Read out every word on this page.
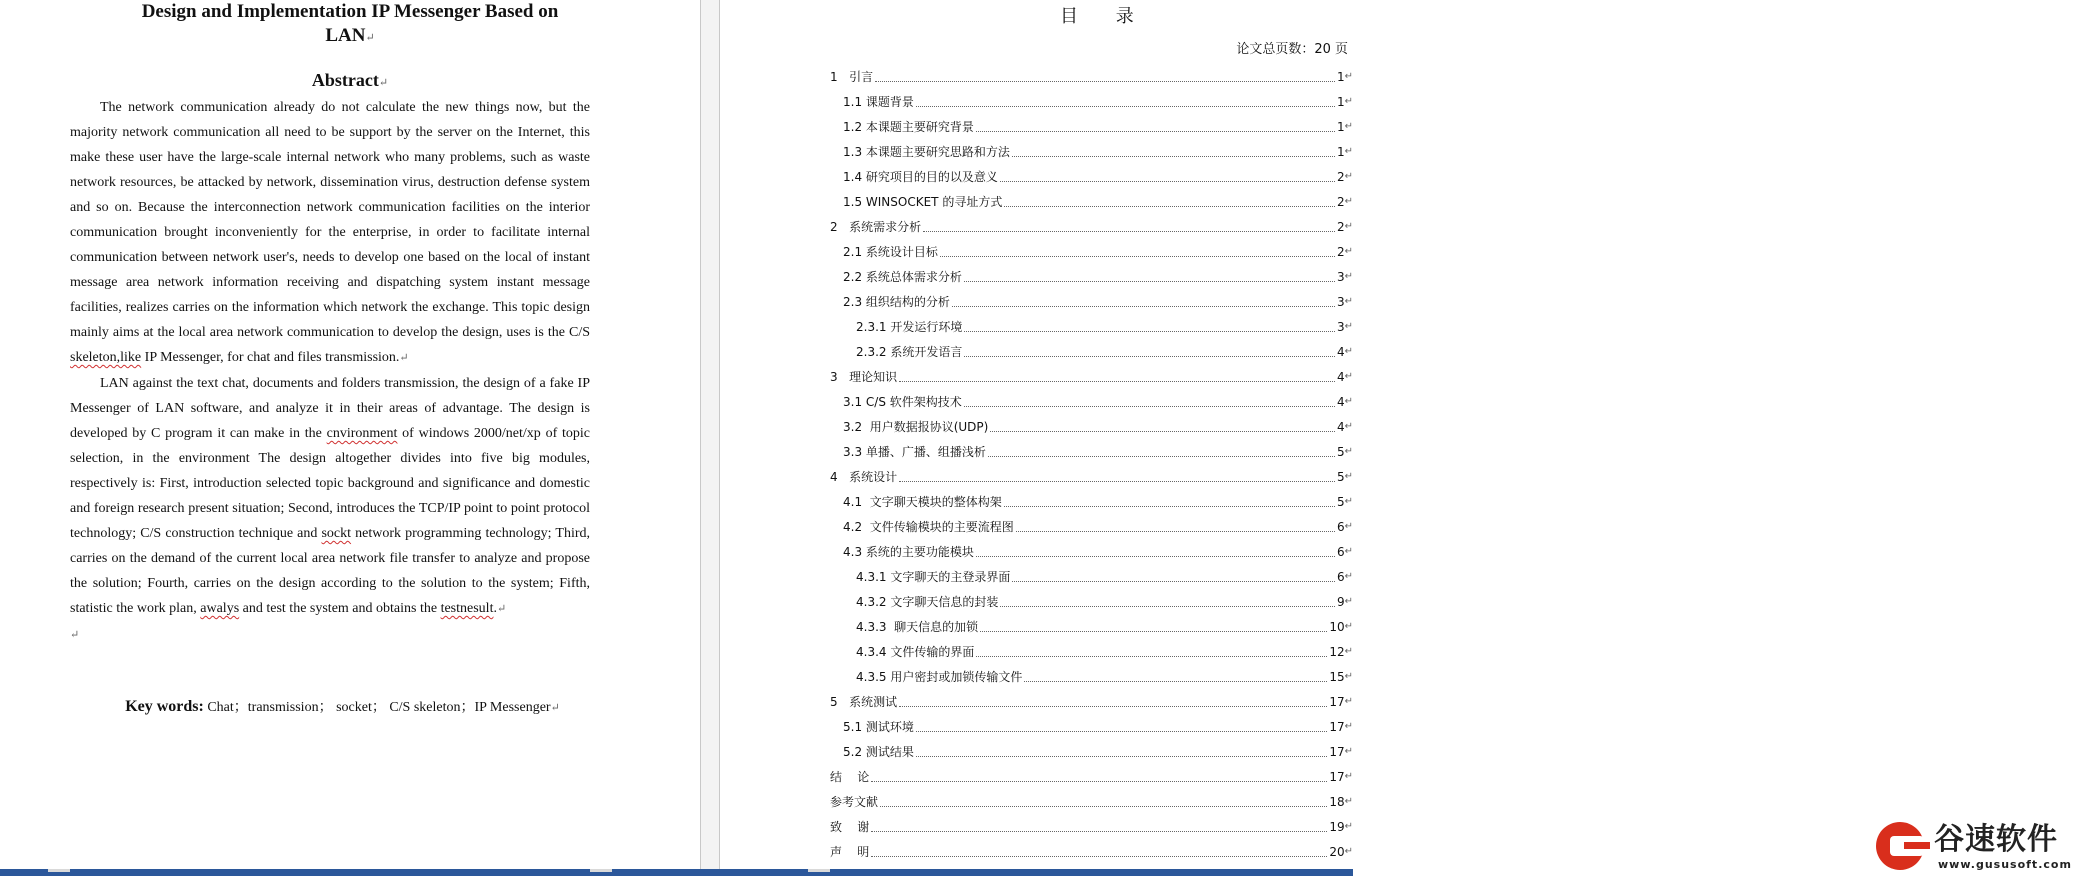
Design and Implementation IP Messenger Based on
LAN↵
Abstract↵

The network communication already do not calculate the new things now, but the majority network communication all need to be support by the server on the Internet, this make these user have the large-scale internal network who many problems, such as waste network resources, be attacked by network, dissemination virus, destruction defense system and so on. Because the interconnection network communication facilities on the interior communication brought inconveniently for the enterprise, in order to facilitate internal communication between network user's, needs to develop one based on the local of instant message area network information receiving and dispatching system instant message facilities, realizes carries on the information which network the exchange. This topic design mainly aims at the local area network communication to develop the design, uses is the C/S skeleton,like IP Messenger, for chat and files transmission.↵

LAN against the text chat, documents and folders transmission, the design of a fake IP Messenger of LAN software, and analyze it in their areas of advantage. The design is developed by C program it can make in the cnvironment of windows 2000/net/xp of topic selection, in the environment The design altogether divides into five big modules, respectively is: First, introduction selected topic background and significance and domestic and foreign research present situation; Second, introduces the TCP/IP point to point protocol technology; C/S construction technique and sockt network programming technology; Third, carries on the demand of the current local area network file transfer to analyze and propose the solution; Fourth, carries on the design according to the solution to the system; Fifth, statistic the work plan, awalys and test the system and obtains the testnesult.↵

↵

Key words: Chat；transmission； socket； C/S skeleton；IP Messenger↵
目 录
论文总页数：20 页
1 引言	1 ↵
1.1 课题背景	1 ↵
1.2 本课题主要研究背景	1 ↵
1.3 本课题主要研究思路和方法	1 ↵
1.4 研究项目的目的以及意义	2 ↵
1.5 WINSOCKET 的寻址方式	2 ↵
2 系统需求分析	2 ↵
2.1 系统设计目标	2 ↵
2.2 系统总体需求分析	3 ↵
2.3 组织结构的分析	3 ↵
2.3.1 开发运行环境	3 ↵
2.3.2 系统开发语言	4 ↵
3 理论知识	4 ↵
3.1 C/S 软件架构技术	4 ↵
3.2 用户数据报协议(UDP)	4 ↵
3.3 单播、广播、组播浅析	5 ↵
4 系统设计	5 ↵
4.1 文字聊天模块的整体构架	5 ↵
4.2 文件传输模块的主要流程图	6 ↵
4.3 系统的主要功能模块	6 ↵
4.3.1 文字聊天的主登录界面	6 ↵
4.3.2 文字聊天信息的封装	9 ↵
4.3.3 聊天信息的加锁	10 ↵
4.3.4 文件传输的界面	12 ↵
4.3.5 用户密封或加锁传输文件	15 ↵
5 系统测试	17 ↵
5.1 测试环境	17 ↵
5.2 测试结果	17 ↵
结    论	17 ↵
参考文献	18 ↵
致    谢	19 ↵
声    明	20 ↵	谷速软件
www.gususoft.com
